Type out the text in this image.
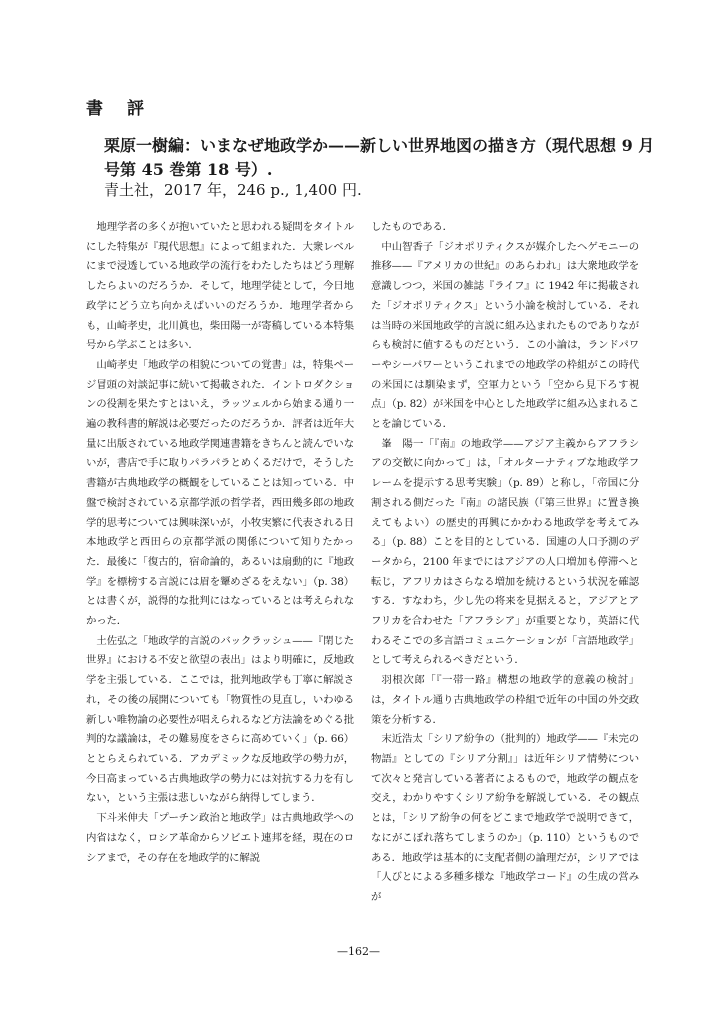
書評
栗原一樹編：いまなぜ地政学か——新しい世界地図の描き方（現代思想 9 月号第 45 巻第 18 号）.
青土社，2017 年，246 p., 1,400 円.

地理学者の多くが抱いていたと思われる疑問をタイトルにした特集が『現代思想』によって組まれた．大衆レベルにまで浸透している地政学の流行をわたしたちはどう理解したらよいのだろうか．そして，地理学徒として，今日地政学にどう立ち向かえばいいのだろうか．地理学者からも，山崎孝史，北川眞也，柴田陽一が寄稿している本特集号から学ぶことは多い．

山崎孝史「地政学の相貌についての覚書」は，特集ページ冒頭の対談記事に続いて掲載された．イントロダクションの役割を果たすとはいえ，ラッツェルから始まる通り一遍の教科書的解説は必要だったのだろうか．評者は近年大量に出版されている地政学関連書籍をきちんと読んでいないが，書店で手に取りパラパラとめくるだけで，そうした書籍が古典地政学の概観をしていることは知っている．中盤で検討されている京都学派の哲学者，西田幾多郎の地政学的思考については興味深いが，小牧実繁に代表される日本地政学と西田らの京都学派の関係について知りたかった．最後に「復古的，宿命論的，あるいは扇動的に『地政学』を標榜する言説には眉を顰めざるをえない」（p. 38）とは書くが，説得的な批判にはなっているとは考えられなかった．

土佐弘之「地政学的言説のバックラッシュ——『閉じた世界』における不安と欲望の表出」はより明確に，反地政学を主張している．ここでは，批判地政学も丁寧に解説され，その後の展開についても「物質性の見直し，いわゆる新しい唯物論の必要性が唱えられるなど方法論をめぐる批判的な議論は，その難易度をさらに高めていく」（p. 66）ととらえられている．アカデミックな反地政学の勢力が，今日高まっている古典地政学の勢力には対抗する力を有しない，という主張は悲しいながら納得してしまう．

下斗米伸夫「プーチン政治と地政学」は古典地政学への内省はなく，ロシア革命からソビエト連邦を経，現在のロシアまで，その存在を地政学的に解説

したものである．

中山智香子「ジオポリティクスが媒介したヘゲモニーの推移——『アメリカの世紀』のあらわれ」は大衆地政学を意識しつつ，米国の雑誌『ライフ』に 1942 年に掲載された「ジオポリティクス」という小論を検討している．それは当時の米国地政学的言説に組み込まれたものでありながらも検討に値するものだという．この小論は，ランドパワーやシーパワーというこれまでの地政学の枠組がこの時代の米国には馴染まず，空軍力という「空から見下ろす視点」（p. 82）が米国を中心とした地政学に組み込まれることを論じている．

峯　陽一「『南』の地政学——アジア主義からアフラシアの交歓に向かって」は，「オルターナティブな地政学フレームを提示する思考実験」（p. 89）と称し，「帝国に分割される側だった『南』の諸民族（『第三世界』に置き換えてもよい）の歴史的再興にかかわる地政学を考えてみる」（p. 88）ことを目的としている．国連の人口予測のデータから，2100 年までにはアジアの人口増加も停滞へと転じ，アフリカはさらなる増加を続けるという状況を確認する．すなわち，少し先の将来を見据えると，アジアとアフリカを合わせた「アフラシア」が重要となり，英語に代わるそこでの多言語コミュニケーションが「言語地政学」として考えられるべきだという．

羽根次郎「『一帯一路』構想の地政学的意義の検討」は，タイトル通り古典地政学の枠組で近年の中国の外交政策を分析する．

末近浩太「シリア紛争の（批判的）地政学——『未完の物語』としての『シリア分割』」は近年シリア情勢について次々と発言している著者によるもので，地政学の観点を交え，わかりやすくシリア紛争を解説している．その観点とは，「シリア紛争の何をどこまで地政学で説明できて，なにがこぼれ落ちてしまうのか」（p. 110）というものである．地政学は基本的に支配者側の論理だが，シリアでは「人びとによる多種多様な『地政学コード』の生成の営みが

—162—
